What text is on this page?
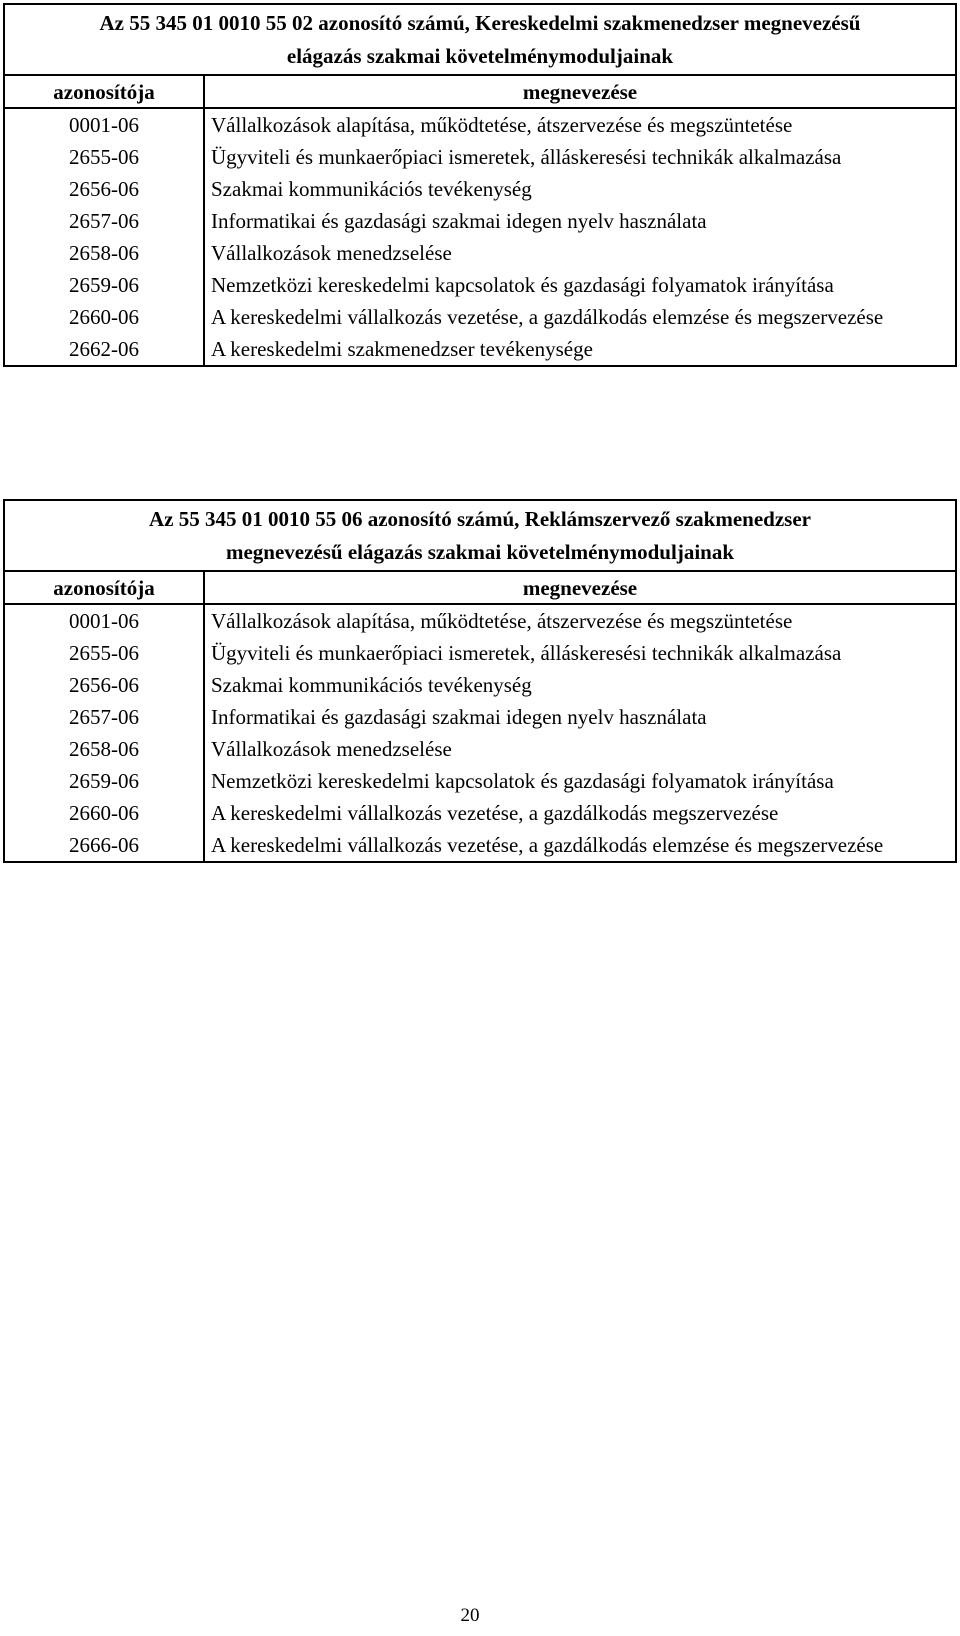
Az 55 345 01 0010 55 02 azonosító számú, Kereskedelmi szakmenedzser megnevezésű
elágazás szakmai követelménymoduljainak	
azonosítója	megnevezése
0001-06	Vállalkozások alapítása, működtetése, átszervezése és megszüntetése
2655-06	Ügyviteli és munkaerőpiaci ismeretek, álláskeresési technikák alkalmazása
2656-06	Szakmai kommunikációs tevékenység
2657-06	Informatikai és gazdasági szakmai idegen nyelv használata
2658-06	Vállalkozások menedzselése
2659-06	Nemzetközi kereskedelmi kapcsolatok és gazdasági folyamatok irányítása
2660-06	A kereskedelmi vállalkozás vezetése, a gazdálkodás elemzése és megszervezése
2662-06	A kereskedelmi szakmenedzser tevékenysége
Az 55 345 01 0010 55 06 azonosító számú, Reklámszervező szakmenedzser
megnevezésű elágazás szakmai követelménymoduljainak	
azonosítója	megnevezése
0001-06	Vállalkozások alapítása, működtetése, átszervezése és megszüntetése
2655-06	Ügyviteli és munkaerőpiaci ismeretek, álláskeresési technikák alkalmazása
2656-06	Szakmai kommunikációs tevékenység
2657-06	Informatikai és gazdasági szakmai idegen nyelv használata
2658-06	Vállalkozások menedzselése
2659-06	Nemzetközi kereskedelmi kapcsolatok és gazdasági folyamatok irányítása
2660-06	A kereskedelmi vállalkozás vezetése, a gazdálkodás megszervezése
2666-06	A kereskedelmi vállalkozás vezetése, a gazdálkodás elemzése és megszervezése
20
